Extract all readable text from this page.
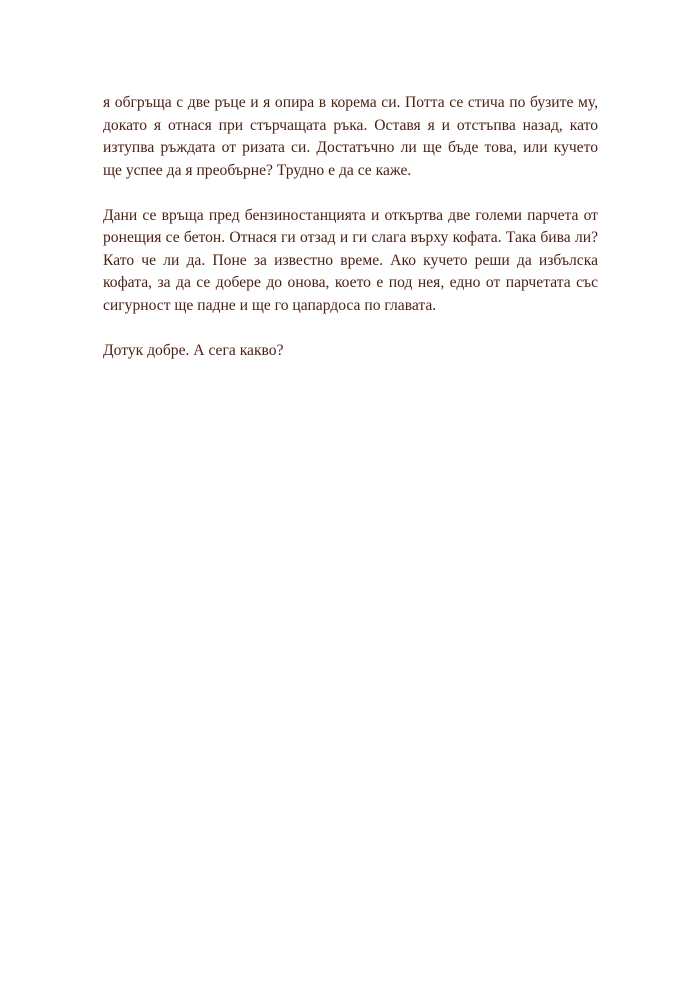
я обгръща с две ръце и я опира в корема си. Потта се стича по бузите му,
докато я отнася при стърчащата ръка. Оставя я и отстъпва назад, като
изтупва ръждата от ризата си. Достатъчно ли ще бъде това, или кучето
ще успее да я преобърне? Трудно е да се каже.

Дани се връща пред бензиностанцията и откъртва две големи парчета от
ронещия се бетон. Отнася ги отзад и ги слага върху кофата. Така бива ли?
Като че ли да. Поне за известно време. Ако кучето реши да избълска
кофата, за да се добере до онова, което е под нея, едно от парчетата със
сигурност ще падне и ще го цапардоса по главата.

Дотук добре. А сега какво?
